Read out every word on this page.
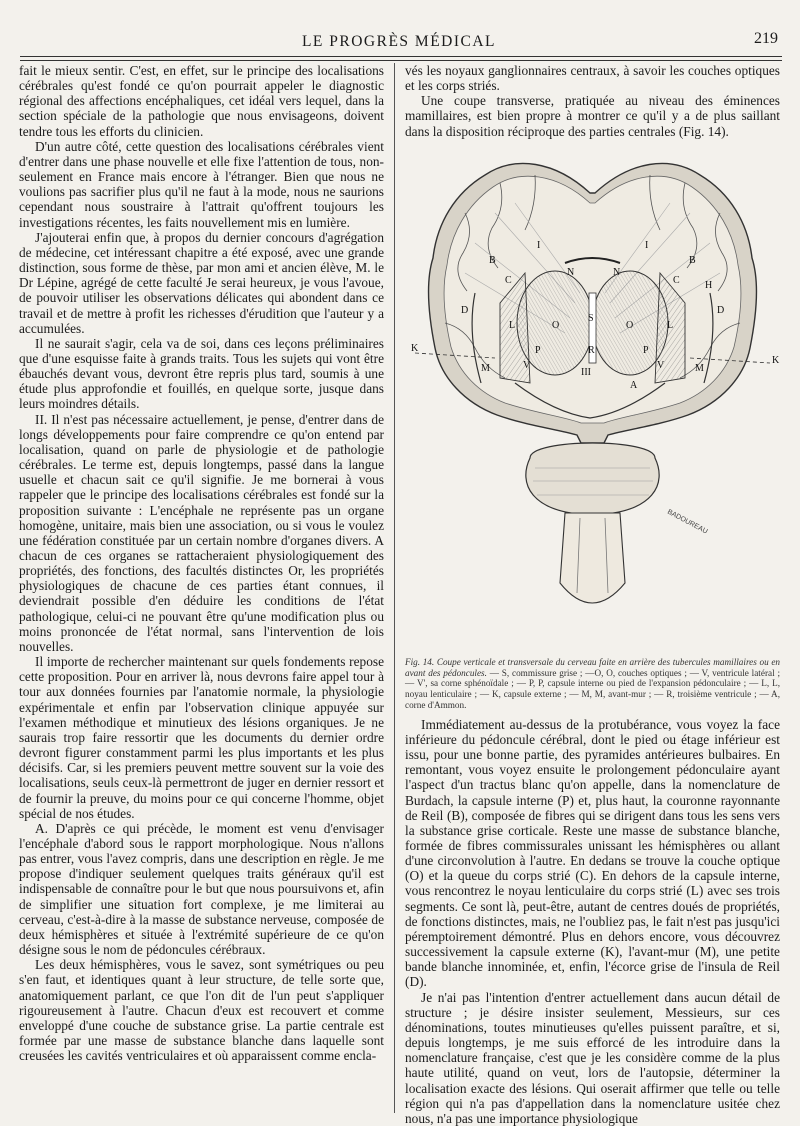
LE PROGRÈS MÉDICAL	219

fait le mieux sentir. C'est, en effet, sur le principe des localisations cérébrales qu'est fondé ce qu'on pourrait appeler le diagnostic régional des affections encéphaliques, cet idéal vers lequel, dans la section spéciale de la pathologie que nous envisageons, doivent tendre tous les efforts du clinicien.

D'un autre côté, cette question des localisations cérébrales vient d'entrer dans une phase nouvelle et elle fixe l'attention de tous, non-seulement en France mais encore à l'étranger. Bien que nous ne voulions pas sacrifier plus qu'il ne faut à la mode, nous ne saurions cependant nous soustraire à l'attrait qu'offrent toujours les investigations récentes, les faits nouvellement mis en lumière.

J'ajouterai enfin que, à propos du dernier concours d'agrégation de médecine, cet intéressant chapitre a été exposé, avec une grande distinction, sous forme de thèse, par mon ami et ancien élève, M. le Dr Lépine, agrégé de cette faculté Je serai heureux, je vous l'avoue, de pouvoir utiliser les observations délicates qui abondent dans ce travail et de mettre à profit les richesses d'érudition que l'auteur y a accumulées.

Il ne saurait s'agir, cela va de soi, dans ces leçons préliminaires que d'une esquisse faite à grands traits. Tous les sujets qui vont être ébauchés devant vous, devront être repris plus tard, soumis à une étude plus approfondie et fouillés, en quelque sorte, jusque dans leurs moindres détails.

II. Il n'est pas nécessaire actuellement, je pense, d'entrer dans de longs développements pour faire comprendre ce qu'on entend par localisation, quand on parle de physiologie et de pathologie cérébrales. Le terme est, depuis longtemps, passé dans la langue usuelle et chacun sait ce qu'il signifie. Je me bornerai à vous rappeler que le principe des localisations cérébrales est fondé sur la proposition suivante : L'encéphale ne représente pas un organe homogène, unitaire, mais bien une association, ou si vous le voulez une fédération constituée par un certain nombre d'organes divers. A chacun de ces organes se rattacheraient physiologiquement des propriétés, des fonctions, des facultés distinctes Or, les propriétés physiologiques de chacune de ces parties étant connues, il deviendrait possible d'en déduire les conditions de l'état pathologique, celui-ci ne pouvant être qu'une modification plus ou moins prononcée de l'état normal, sans l'intervention de lois nouvelles.

Il importe de rechercher maintenant sur quels fondements repose cette proposition. Pour en arriver là, nous devrons faire appel tour à tour aux données fournies par l'anatomie normale, la physiologie expérimentale et enfin par l'observation clinique appuyée sur l'examen méthodique et minutieux des lésions organiques. Je ne saurais trop faire ressortir que les documents du dernier ordre devront figurer constamment parmi les plus importants et les plus décisifs. Car, si les premiers peuvent mettre souvent sur la voie des localisations, seuls ceux-là permettront de juger en dernier ressort et de fournir la preuve, du moins pour ce qui concerne l'homme, objet spécial de nos études.

A. D'après ce qui précède, le moment est venu d'envisager l'encéphale d'abord sous le rapport morphologique. Nous n'allons pas entrer, vous l'avez compris, dans une description en règle. Je me propose d'indiquer seulement quelques traits généraux qu'il est indispensable de connaître pour le but que nous poursuivons et, afin de simplifier une situation fort complexe, je me limiterai au cerveau, c'est-à-dire à la masse de substance nerveuse, composée de deux hémisphères et située à l'extrémité supérieure de ce qu'on désigne sous le nom de pédoncules cérébraux.

Les deux hémisphères, vous le savez, sont symétriques ou peu s'en faut, et identiques quant à leur structure, de telle sorte que, anatomiquement parlant, ce que l'on dit de l'un peut s'appliquer rigoureusement à l'autre. Chacun d'eux est recouvert et comme enveloppé d'une couche de substance grise. La partie centrale est formée par une masse de substance blanche dans laquelle sont creusées les cavités ventriculaires et où apparaissent comme encla-

vés les noyaux ganglionnaires centraux, à savoir les couches optiques et les corps striés.

Une coupe transverse, pratiquée au niveau des éminences mamillaires, est bien propre à montrer ce qu'il y a de plus saillant dans la disposition réciproque des parties centrales (Fig. 14).

I	I
C	C
O	O
S
N	N
L	L
B	B
D	D
H
P	P
R
III
M	M
V	V
K
K
A
BADOUREAU

Fig. 14. Coupe verticale et transversale du cerveau faite en arrière des tubercules mamillaires ou en avant des pédoncules. — S, commissure grise ; —O, O, couches optiques ; — V, ventricule latéral ; — V', sa corne sphénoïdale ; — P, P, capsule interne ou pied de l'expansion pédonculaire ; — L, L, noyau lenticulaire ; — K, capsule externe ; — M, M, avant-mur ; — R, troisième ventricule ; — A, corne d'Ammon.

Immédiatement au-dessus de la protubérance, vous voyez la face inférieure du pédoncule cérébral, dont le pied ou étage inférieur est issu, pour une bonne partie, des pyramides antérieures bulbaires. En remontant, vous voyez ensuite le prolongement pédonculaire ayant l'aspect d'un tractus blanc qu'on appelle, dans la nomenclature de Burdach, la capsule interne (P) et, plus haut, la couronne rayonnante de Reil (B), composée de fibres qui se dirigent dans tous les sens vers la substance grise corticale. Reste une masse de substance blanche, formée de fibres commissurales unissant les hémisphères ou allant d'une circonvolution à l'autre. En dedans se trouve la couche optique (O) et la queue du corps strié (C). En dehors de la capsule interne, vous rencontrez le noyau lenticulaire du corps strié (L) avec ses trois segments. Ce sont là, peut-être, autant de centres doués de propriétés, de fonctions distinctes, mais, ne l'oubliez pas, le fait n'est pas jusqu'ici péremptoirement démontré. Plus en dehors encore, vous découvrez successivement la capsule externe (K), l'avant-mur (M), une petite bande blanche innominée, et, enfin, l'écorce grise de l'insula de Reil (D).

Je n'ai pas l'intention d'entrer actuellement dans aucun détail de structure ; je désire insister seulement, Messieurs, sur ces dénominations, toutes minutieuses qu'elles puissent paraître, et si, depuis longtemps, je me suis efforcé de les introduire dans la nomenclature française, c'est que je les considère comme de la plus haute utilité, quand on veut, lors de l'autopsie, déterminer la localisation exacte des lésions. Qui oserait affirmer que telle ou telle région qui n'a pas d'appellation dans la nomenclature usitée chez nous, n'a pas une importance physiologique
